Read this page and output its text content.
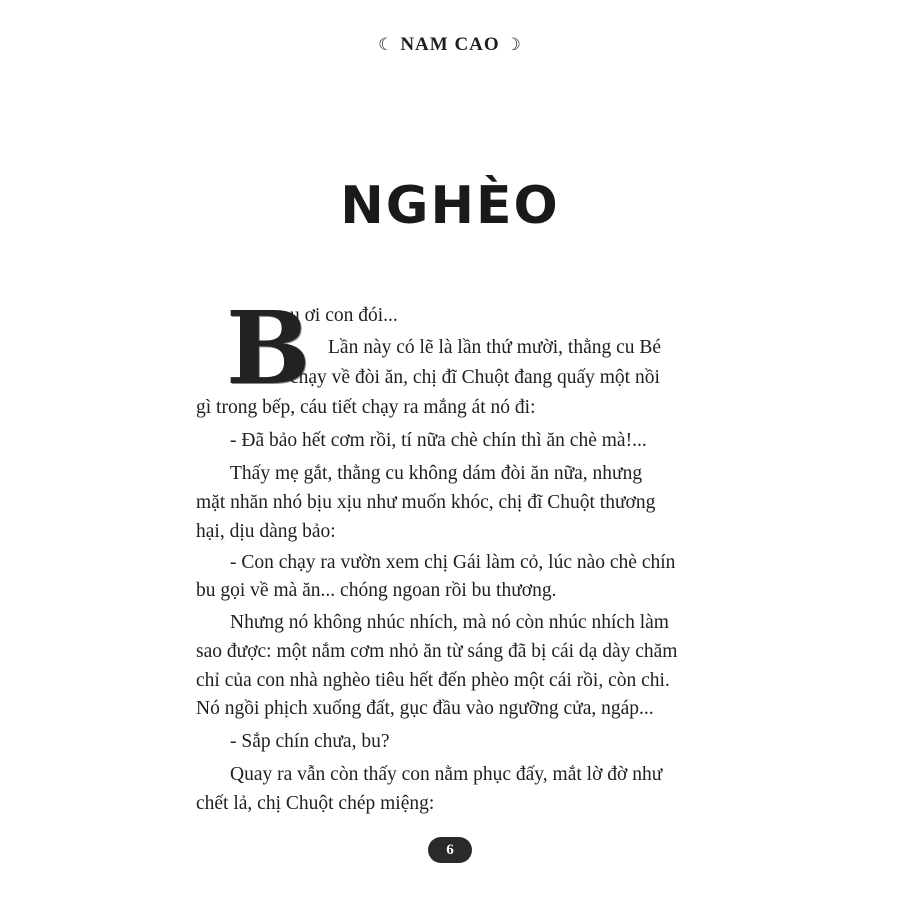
☾ NAM CAO ☽
NGHÈO
B
u ơi con đói...
Lần này có lẽ là lần thứ mười, thằng cu Bé
chạy về đòi ăn, chị đĩ Chuột đang quấy một nồi
gì trong bếp, cáu tiết chạy ra mắng át nó đi:
- Đã bảo hết cơm rồi, tí nữa chè chín thì ăn chè mà!...
Thấy mẹ gắt, thằng cu không dám đòi ăn nữa, nhưng
mặt nhăn nhó bịu xịu như muốn khóc, chị đĩ Chuột thương
hại, dịu dàng bảo:
- Con chạy ra vườn xem chị Gái làm cỏ, lúc nào chè chín
bu gọi về mà ăn... chóng ngoan rồi bu thương.
Nhưng nó không nhúc nhích, mà nó còn nhúc nhích làm
sao được: một nắm cơm nhỏ ăn từ sáng đã bị cái dạ dày chăm
chỉ của con nhà nghèo tiêu hết đến phèo một cái rồi, còn chi.
Nó ngồi phịch xuống đất, gục đầu vào ngưỡng cửa, ngáp...
- Sắp chín chưa, bu?
Quay ra vẫn còn thấy con nằm phục đấy, mắt lờ đờ như
chết lả, chị Chuột chép miệng:
6
